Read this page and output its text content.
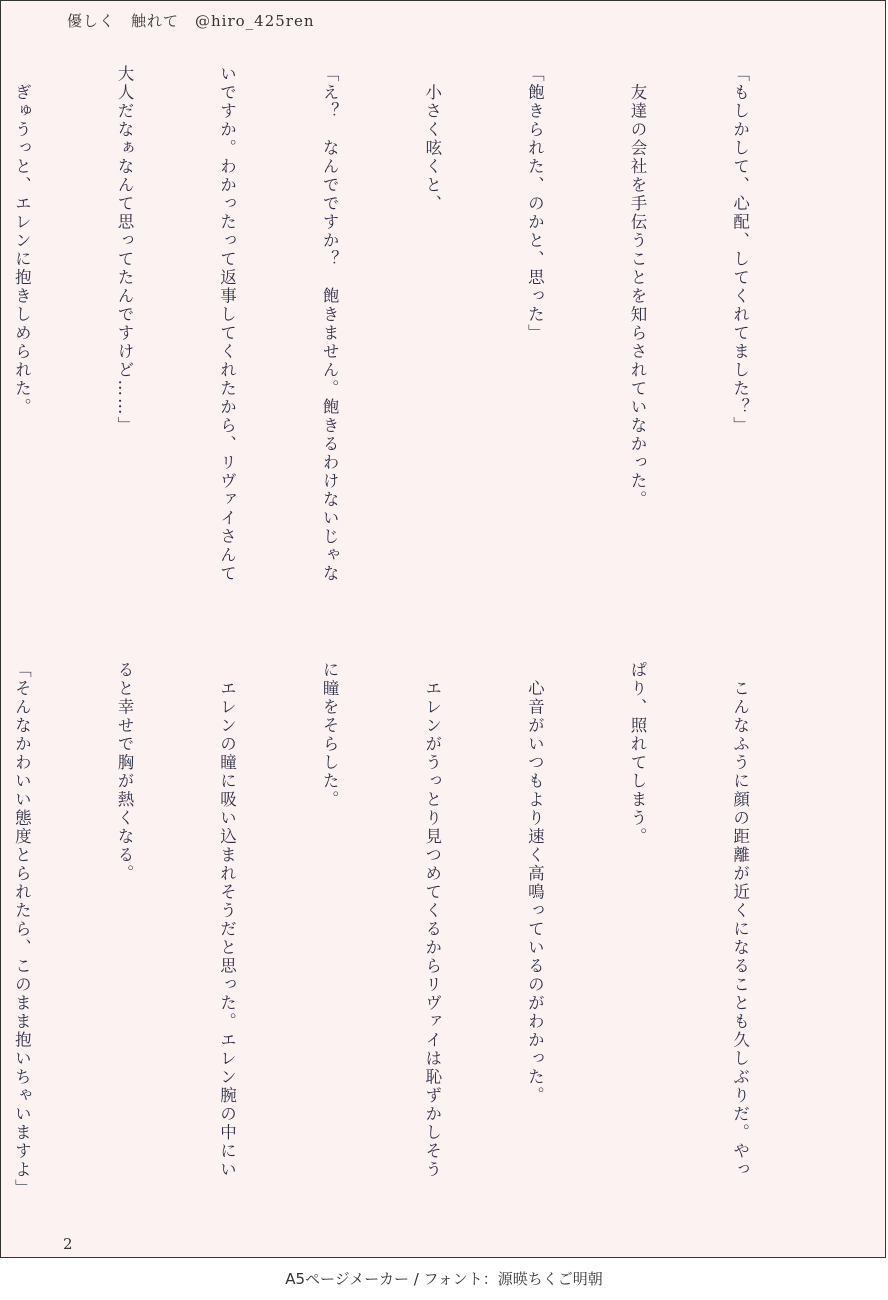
優しく　触れて　@hiro_425ren

「もしかして、心配、してくれてました？」

　友達の会社を手伝うことを知らされていなかった。

「飽きられた、のかと、思った」

　小さく呟くと、

「え？　なんでですか？　飽きません。飽きるわけないじゃな

いですか。わかったって返事してくれたから、リヴァイさんて

大人だなぁなんて思ってたんですけど……」

　ぎゅうっと、エレンに抱きしめられた。

　こんなふうに顔の距離が近くになることも久しぶりだ。やっ

ぱり、照れてしまう。

　心音がいつもより速く高鳴っているのがわかった。

　エレンがうっとり見つめてくるからリヴァイは恥ずかしそう

に瞳をそらした。

　エレンの瞳に吸い込まれそうだと思った。エレン腕の中にい

ると幸せで胸が熱くなる。

「そんなかわいい態度とられたら、このまま抱いちゃいますよ」

2
A5ページメーカー / フォント：源暎ちくご明朝
